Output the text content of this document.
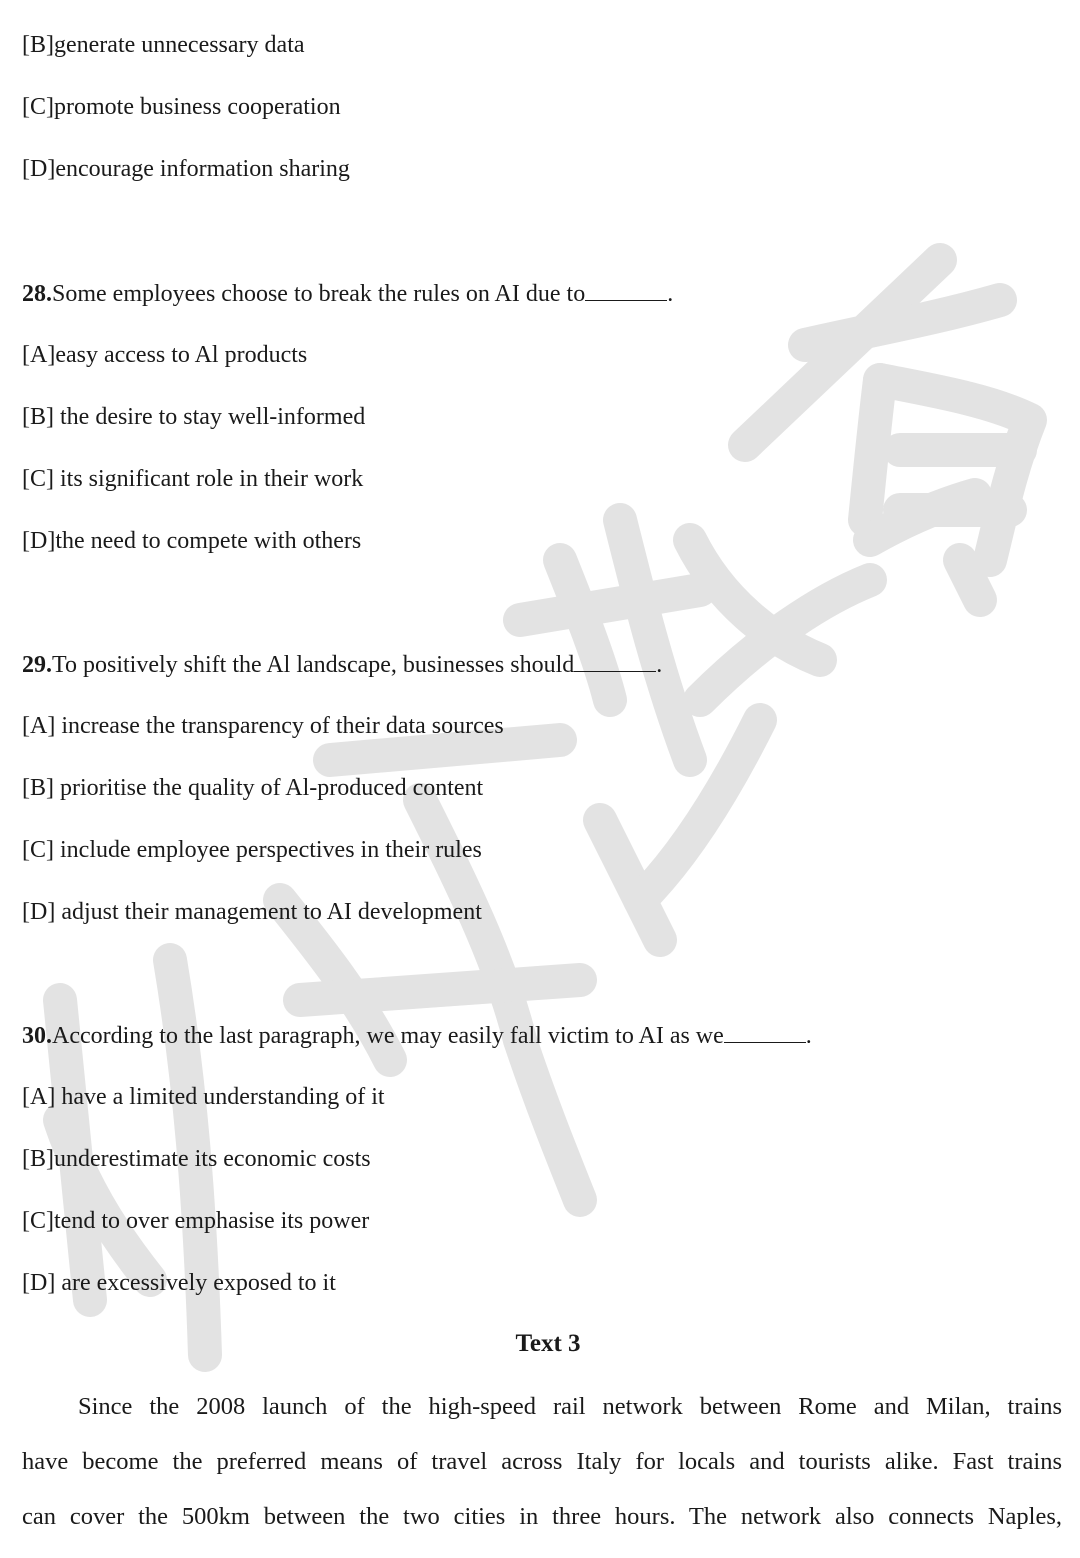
[B]generate unnecessary data
[C]promote business cooperation
[D]encourage information sharing
28.Some employees choose to break the rules on AI due to	.
[A]easy access to Al products
[B] the desire to stay well-informed
[C] its significant role in their work
[D]the need to compete with others
29.To positively shift the Al landscape, businesses should	.
[A] increase the transparency of their data sources
[B] prioritise the quality of Al-produced content
[C] include employee perspectives in their rules
[D] adjust their management to AI development
30.According to the last paragraph, we may easily fall victim to AI as we	.
[A] have a limited understanding of it
[B]underestimate its economic costs
[C]tend to over emphasise its power
[D] are excessively exposed to it
Text 3
Since the 2008 launch of the high-speed rail network between Rome and Milan, trains
have become the preferred means of travel across Italy for locals and tourists alike. Fast trains
can cover the 500km between the two cities in three hours. The network also connects Naples,
